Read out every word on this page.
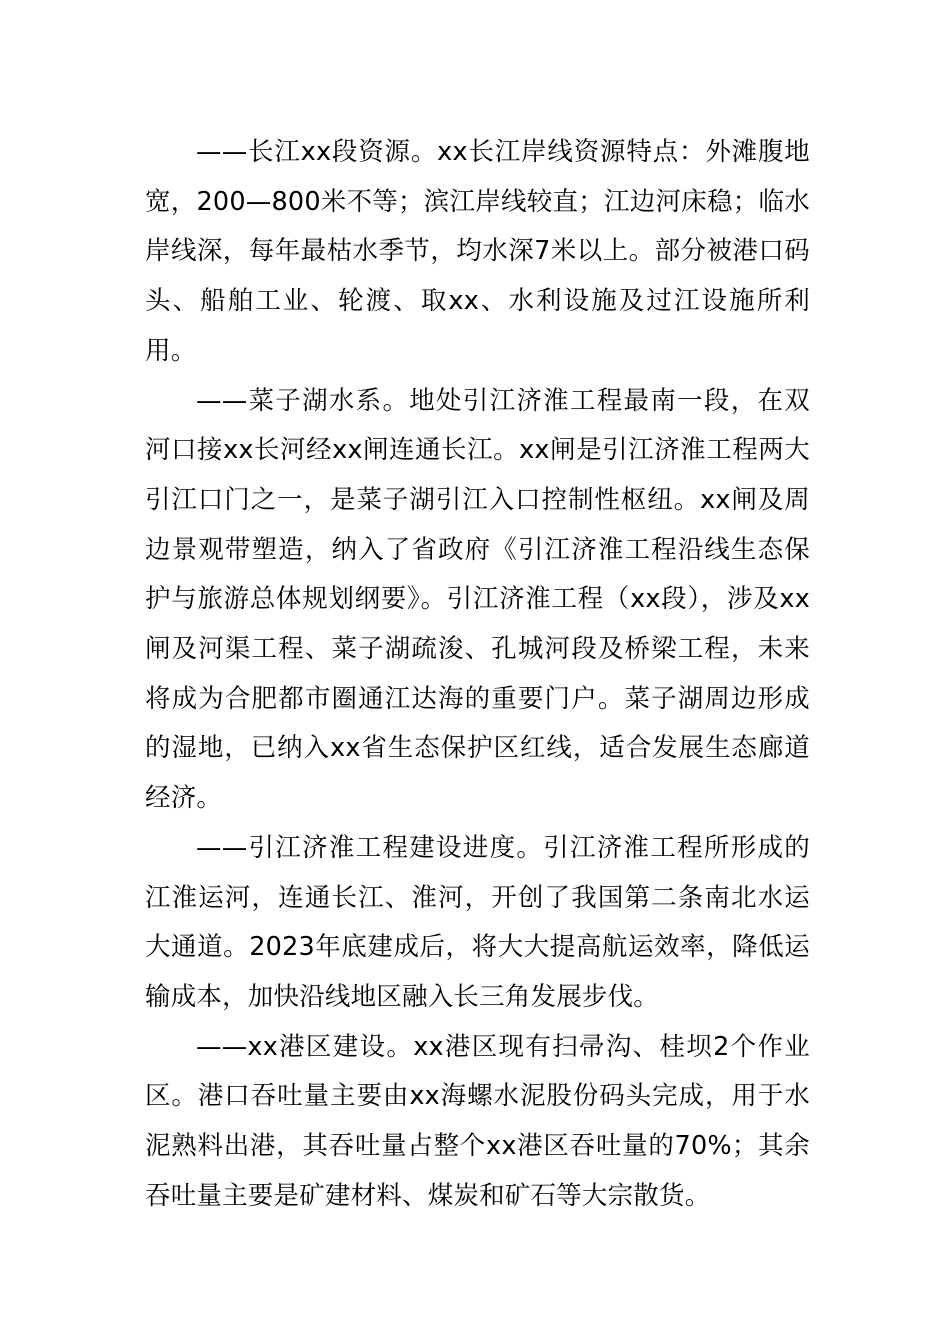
——长江xx段资源。xx长江岸线资源特点：外滩腹地宽，200—800米不等；滨江岸线较直；江边河床稳；临水岸线深，每年最枯水季节，均水深7米以上。部分被港口码头、船舶工业、轮渡、取xx、水利设施及过江设施所利用。

——菜子湖水系。地处引江济淮工程最南一段，在双河口接xx长河经xx闸连通长江。xx闸是引江济淮工程两大引江口门之一，是菜子湖引江入口控制性枢纽。xx闸及周边景观带塑造，纳入了省政府《引江济淮工程沿线生态保护与旅游总体规划纲要》。引江济淮工程（xx段），涉及xx闸及河渠工程、菜子湖疏浚、孔城河段及桥梁工程，未来将成为合肥都市圈通江达海的重要门户。菜子湖周边形成的湿地，已纳入xx省生态保护区红线，适合发展生态廊道经济。

——引江济淮工程建设进度。引江济淮工程所形成的江淮运河，连通长江、淮河，开创了我国第二条南北水运大通道。2023年底建成后，将大大提高航运效率，降低运输成本，加快沿线地区融入长三角发展步伐。

——xx港区建设。xx港区现有扫帚沟、桂坝2个作业区。港口吞吐量主要由xx海螺水泥股份码头完成，用于水泥熟料出港，其吞吐量占整个xx港区吞吐量的70%；其余吞吐量主要是矿建材料、煤炭和矿石等大宗散货。
